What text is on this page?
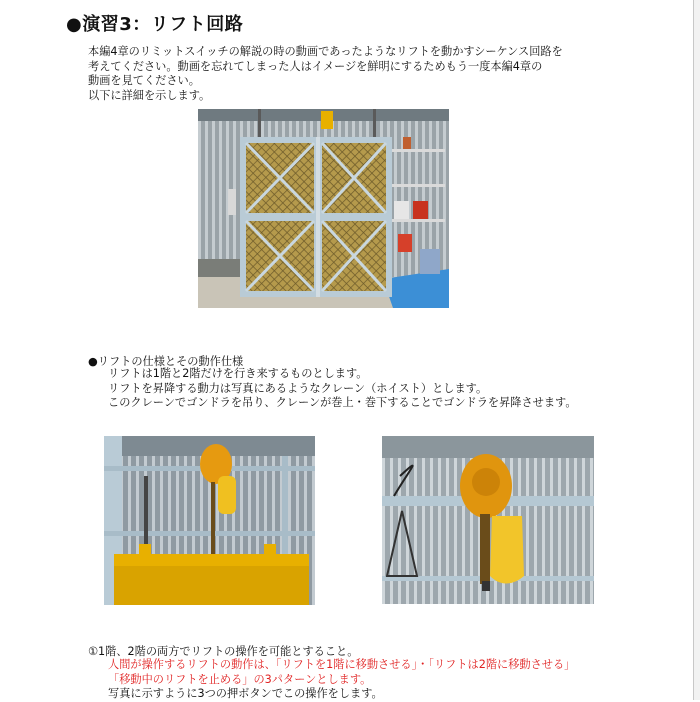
●演習3：リフト回路
本編4章のリミットスイッチの解説の時の動画であったようなリフトを動かすシーケンス回路を
考えてください。動画を忘れてしまった人はイメージを鮮明にするためもう一度本編4章の
動画を見てください。
以下に詳細を示します。
●リフトの仕様とその動作仕様
リフトは1階と2階だけを行き来するものとします。
リフトを昇降する動力は写真にあるようなクレーン（ホイスト）とします。
このクレーンでゴンドラを吊り、クレーンが巻上・巻下することでゴンドラを昇降させます。
①1階、2階の両方でリフトの操作を可能とすること。
人間が操作するリフトの動作は、「リフトを1階に移動させる」・「リフトは2階に移動させる」
「移動中のリフトを止める」の3パターンとします。
写真に示すように3つの押ボタンでこの操作をします。
